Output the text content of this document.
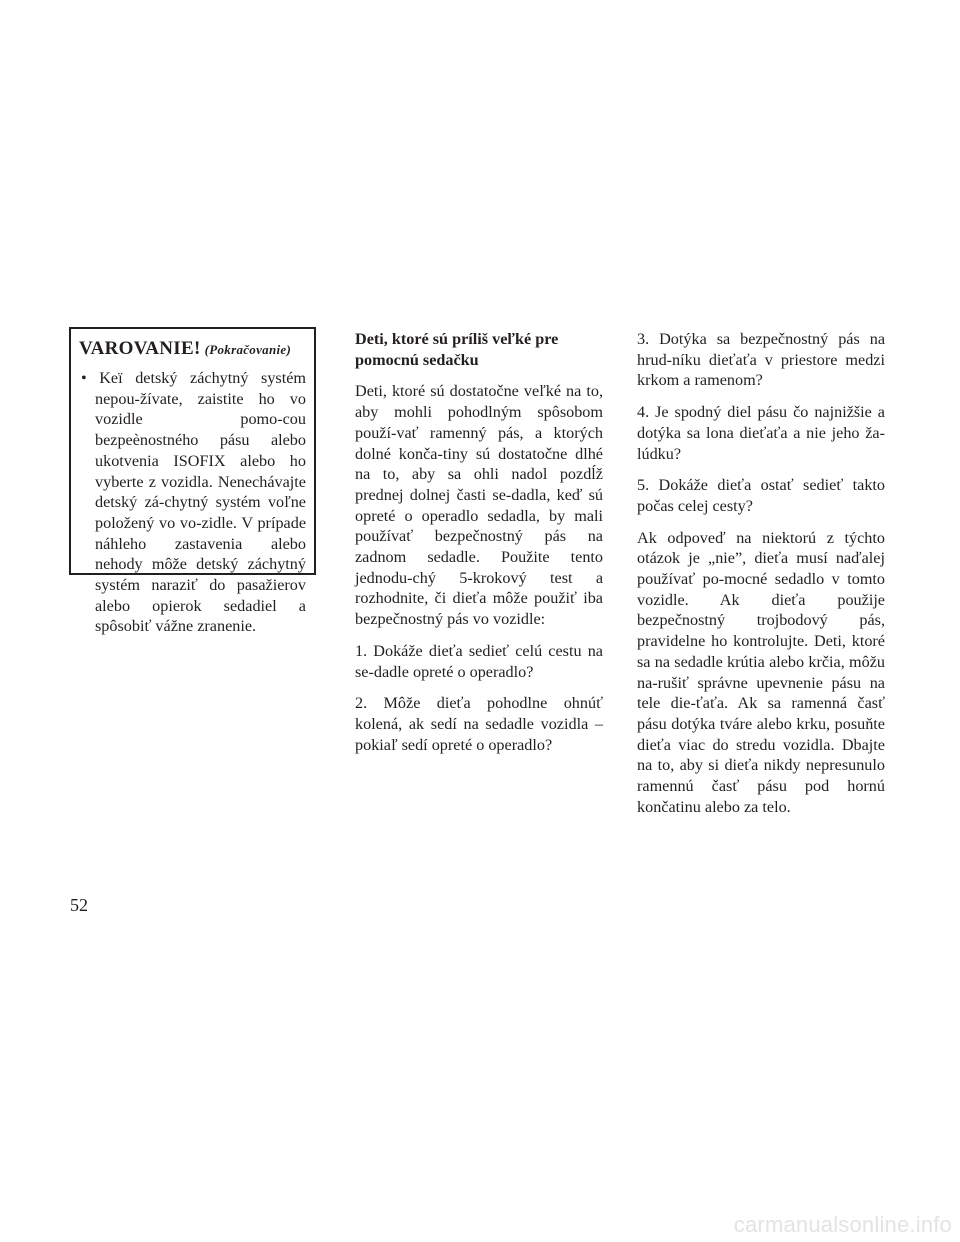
VAROVANIE! (Pokračovanie)
• Keï detský záchytný systém nepou-žívate, zaistite ho vo vozidle pomo-cou bezpeènostného pásu alebo ukotvenia ISOFIX alebo ho vyberte z vozidla. Nenechávajte detský zá-chytný systém voľne položený vo vo-zidle. V prípade náhleho zastavenia alebo nehody môže detský záchytný systém naraziť do pasažierov alebo opierok sedadiel a spôsobiť vážne zranenie.

Deti, ktoré sú príliš veľké pre pomocnú sedačku

Deti, ktoré sú dostatočne veľké na to, aby mohli pohodlným spôsobom použí-vať ramenný pás, a ktorých dolné konča-tiny sú dostatočne dlhé na to, aby sa ohli nadol pozdĺž prednej dolnej časti se-dadla, keď sú opreté o operadlo sedadla, by mali používať bezpečnostný pás na zadnom sedadle. Použite tento jednodu-chý 5-krokový test a rozhodnite, či dieťa môže použiť iba bezpečnostný pás vo vozidle:

1. Dokáže dieťa sedieť celú cestu na se-dadle opreté o operadlo?

2. Môže dieťa pohodlne ohnúť kolená, ak sedí na sedadle vozidla – pokiaľ sedí opreté o operadlo?

3. Dotýka sa bezpečnostný pás na hrud-níku dieťaťa v priestore medzi krkom a ramenom?

4. Je spodný diel pásu čo najnižšie a dotýka sa lona dieťaťa a nie jeho ža-lúdku?

5. Dokáže dieťa ostať sedieť takto počas celej cesty?

Ak odpoveď na niektorú z týchto otázok je „nie”, dieťa musí naďalej používať po-mocné sedadlo v tomto vozidle. Ak dieťa použije bezpečnostný trojbodový pás, pravidelne ho kontrolujte. Deti, ktoré sa na sedadle krútia alebo krčia, môžu na-rušiť správne upevnenie pásu na tele die-ťaťa. Ak sa ramenná časť pásu dotýka tváre alebo krku, posuňte dieťa viac do stredu vozidla. Dbajte na to, aby si dieťa nikdy nepresunulo ramennú časť pásu pod hornú končatinu alebo za telo.

52
carmanualsonline.info
